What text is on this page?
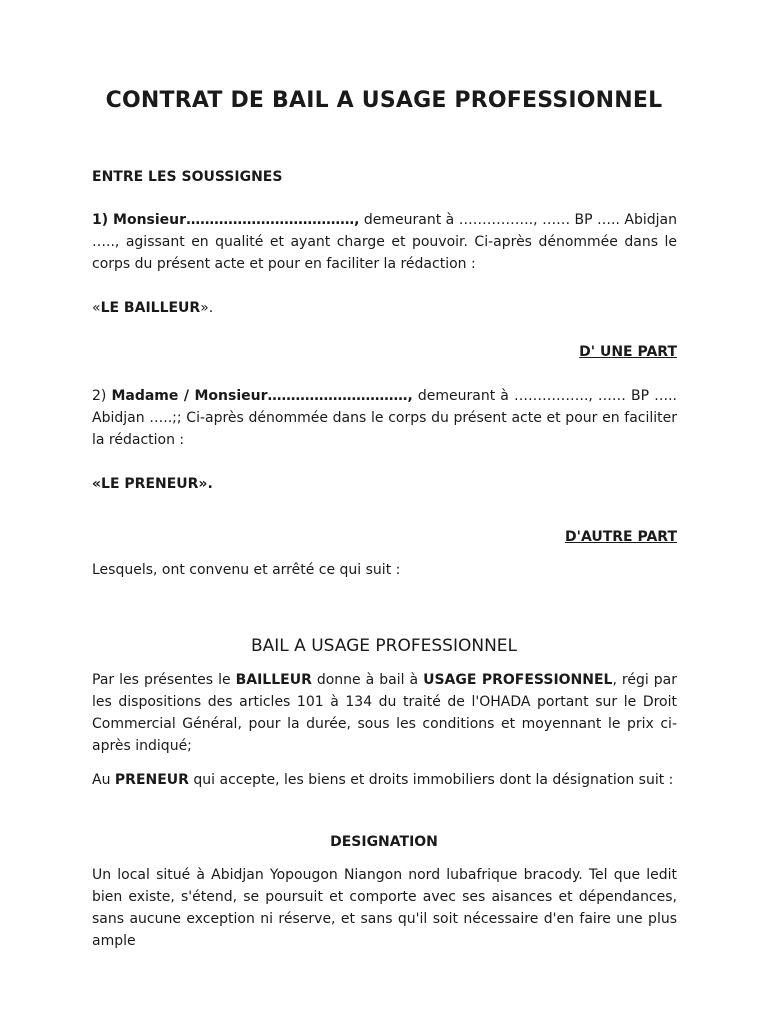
CONTRAT DE BAIL A USAGE PROFESSIONNEL
ENTRE LES SOUSSIGNES
1) Monsieur………………………………, demeurant à ……………., …… BP ….. Abidjan ….., agissant en qualité et ayant charge et pouvoir. Ci-après dénommée dans le corps du présent acte et pour en faciliter la rédaction :
«LE BAILLEUR».
D' UNE PART
2) Madame / Monsieur…………………………, demeurant à ……………., …… BP ….. Abidjan …..;; Ci-après dénommée dans le corps du présent acte et pour en faciliter la rédaction :
«LE PRENEUR».
D'AUTRE PART
Lesquels, ont convenu et arrêté ce qui suit :
BAIL A USAGE PROFESSIONNEL
Par les présentes le BAILLEUR donne à bail à USAGE PROFESSIONNEL, régi par les dispositions des articles 101 à 134 du traité de l'OHADA portant sur le Droit Commercial Général, pour la durée, sous les conditions et moyennant le prix ci-après indiqué;
Au PRENEUR qui accepte, les biens et droits immobiliers dont la désignation suit :
DESIGNATION
Un local situé à Abidjan Yopougon Niangon nord lubafrique bracody. Tel que ledit bien existe, s'étend, se poursuit et comporte avec ses aisances et dépendances, sans aucune exception ni réserve, et sans qu'il soit nécessaire d'en faire une plus ample
